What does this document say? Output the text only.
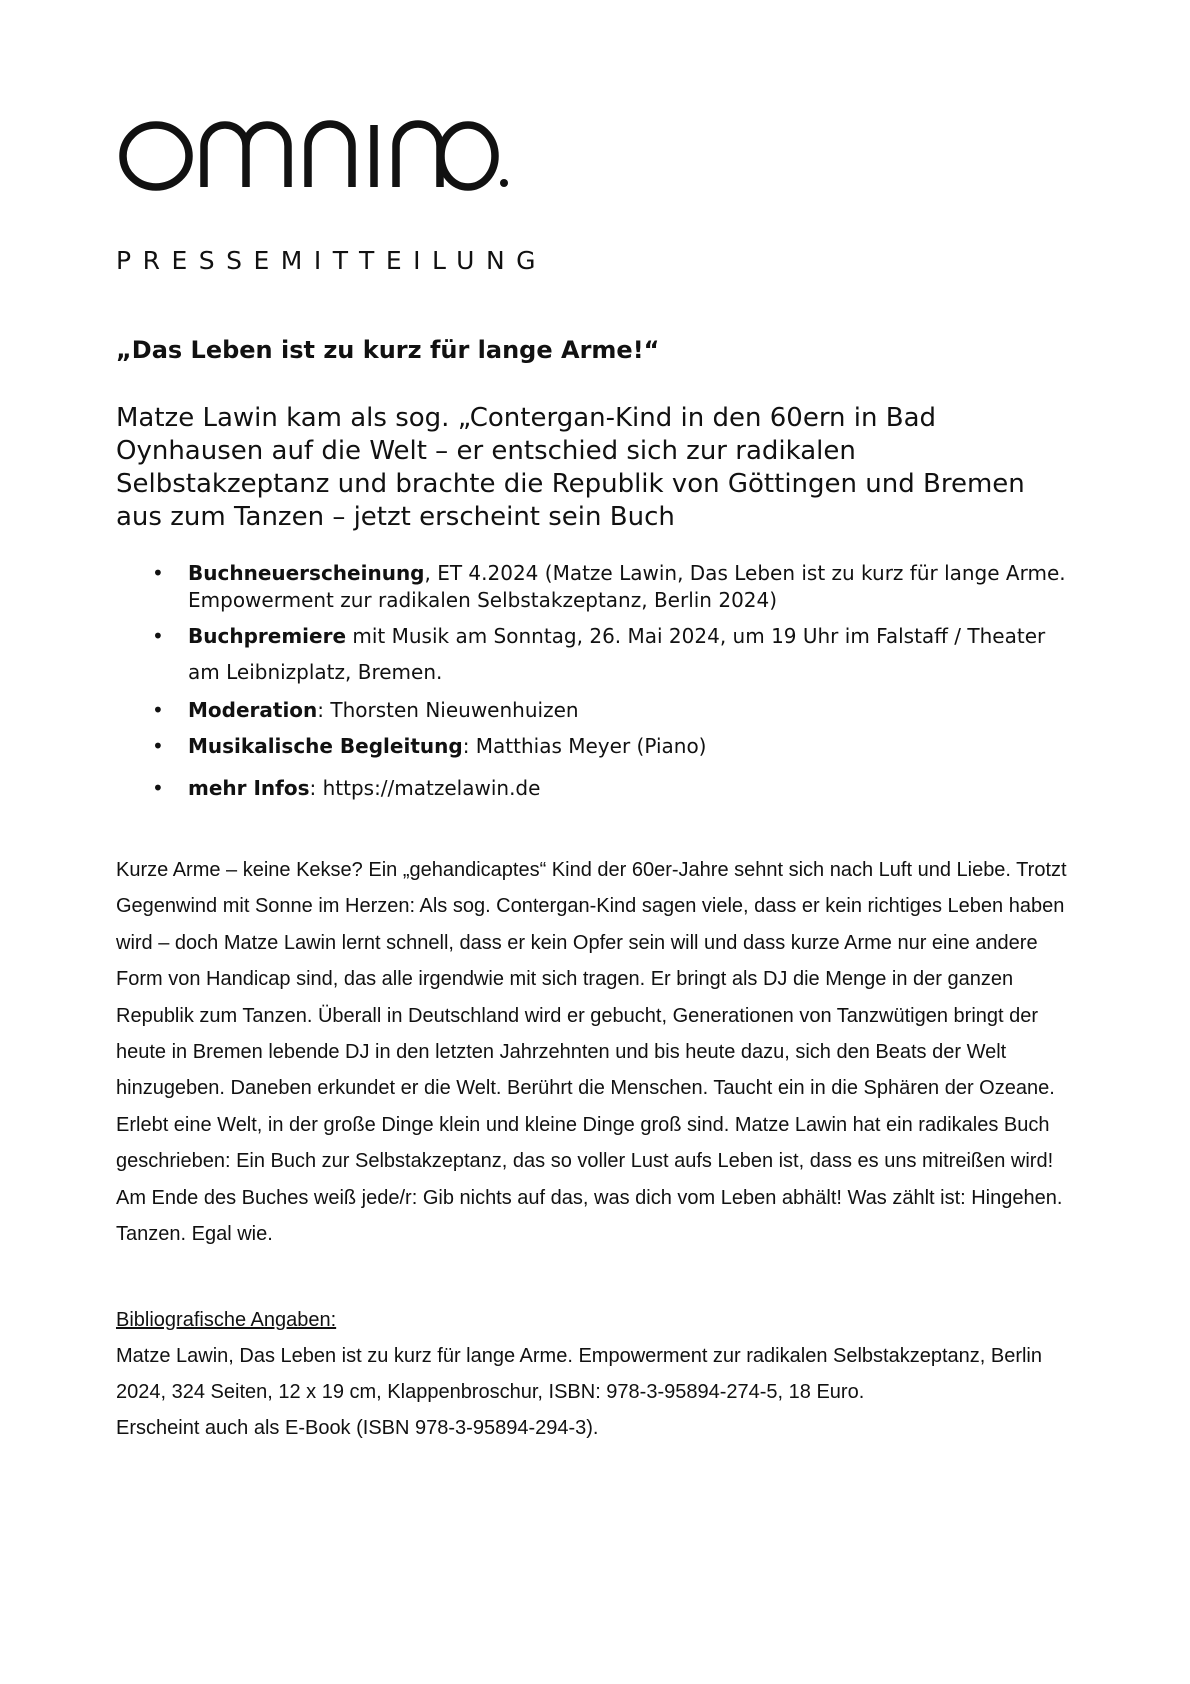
PRESSEMITTEILUNG
„Das Leben ist zu kurz für lange Arme!“
Matze Lawin kam als sog. „Contergan-Kind in den 60ern in Bad Oynhausen auf die Welt – er entschied sich zur radikalen Selbstakzeptanz und brachte die Republik von Göttingen und Bremen aus zum Tanzen – jetzt erscheint sein Buch
• Buchneuerscheinung, ET 4.2024 (Matze Lawin, Das Leben ist zu kurz für lange Arme. Empowerment zur radikalen Selbstakzeptanz, Berlin 2024)
• Buchpremiere mit Musik am Sonntag, 26. Mai 2024, um 19 Uhr im Falstaff / Theater am Leibnizplatz, Bremen.
• Moderation: Thorsten Nieuwenhuizen
• Musikalische Begleitung: Matthias Meyer (Piano)
• mehr Infos: https://matzelawin.de

Kurze Arme – keine Kekse? Ein „gehandicaptes“ Kind der 60er-Jahre sehnt sich nach Luft und Liebe. Trotzt Gegenwind mit Sonne im Herzen: Als sog. Contergan-Kind sagen viele, dass er kein richtiges Leben haben wird – doch Matze Lawin lernt schnell, dass er kein Opfer sein will und dass kurze Arme nur eine andere Form von Handicap sind, das alle irgendwie mit sich tragen. Er bringt als DJ die Menge in der ganzen Republik zum Tanzen. Überall in Deutschland wird er gebucht, Generationen von Tanzwütigen bringt der heute in Bremen lebende DJ in den letzten Jahrzehnten und bis heute dazu, sich den Beats der Welt hinzugeben. Daneben erkundet er die Welt. Berührt die Menschen. Taucht ein in die Sphären der Ozeane. Erlebt eine Welt, in der große Dinge klein und kleine Dinge groß sind. Matze Lawin hat ein radikales Buch geschrieben: Ein Buch zur Selbstakzeptanz, das so voller Lust aufs Leben ist, dass es uns mitreißen wird! Am Ende des Buches weiß jede/r: Gib nichts auf das, was dich vom Leben abhält! Was zählt ist: Hingehen. Tanzen. Egal wie.

Bibliografische Angaben:
Matze Lawin, Das Leben ist zu kurz für lange Arme. Empowerment zur radikalen Selbstakzeptanz, Berlin 2024, 324 Seiten, 12 x 19 cm, Klappenbroschur, ISBN: 978-3-95894-274-5, 18 Euro.
Erscheint auch als E-Book (ISBN 978-3-95894-294-3).
